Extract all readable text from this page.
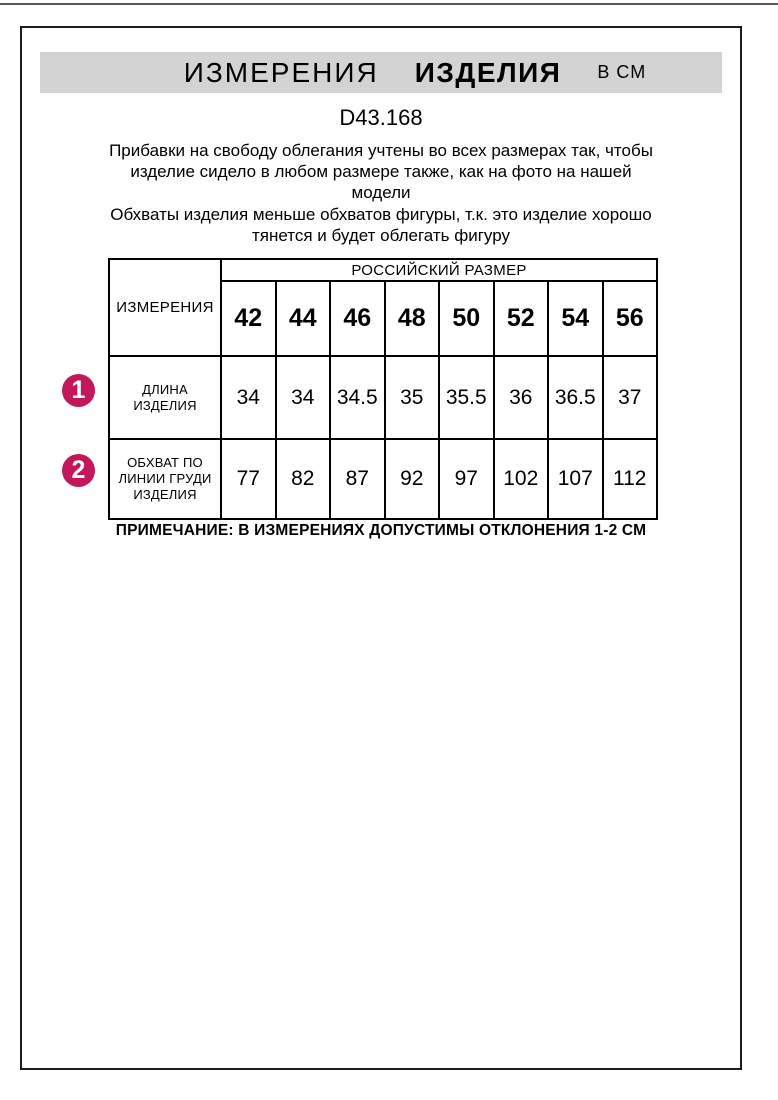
ИЗМЕРЕНИЯ ИЗДЕЛИЯ В СМ
D43.168
Прибавки на свободу облегания учтены во всех размерах так, чтобы
изделие сидело в любом размере также, как на фото на нашей
модели
Обхваты изделия меньше обхватов фигуры, т.к. это изделие хорошо
тянется и будет облегать фигуру
ИЗМЕРЕНИЯ	РОССИЙСКИЙ РАЗМЕР							
	42	44	46	48	50	52	54	56
ДЛИНА ИЗДЕЛИЯ	34	34	34.5	35	35.5	36	36.5	37
ОБХВАТ ПО ЛИНИИ ГРУДИ ИЗДЕЛИЯ	77	82	87	92	97	102	107	112
1
2
ПРИМЕЧАНИЕ: В ИЗМЕРЕНИЯХ ДОПУСТИМЫ ОТКЛОНЕНИЯ 1-2 СМ
